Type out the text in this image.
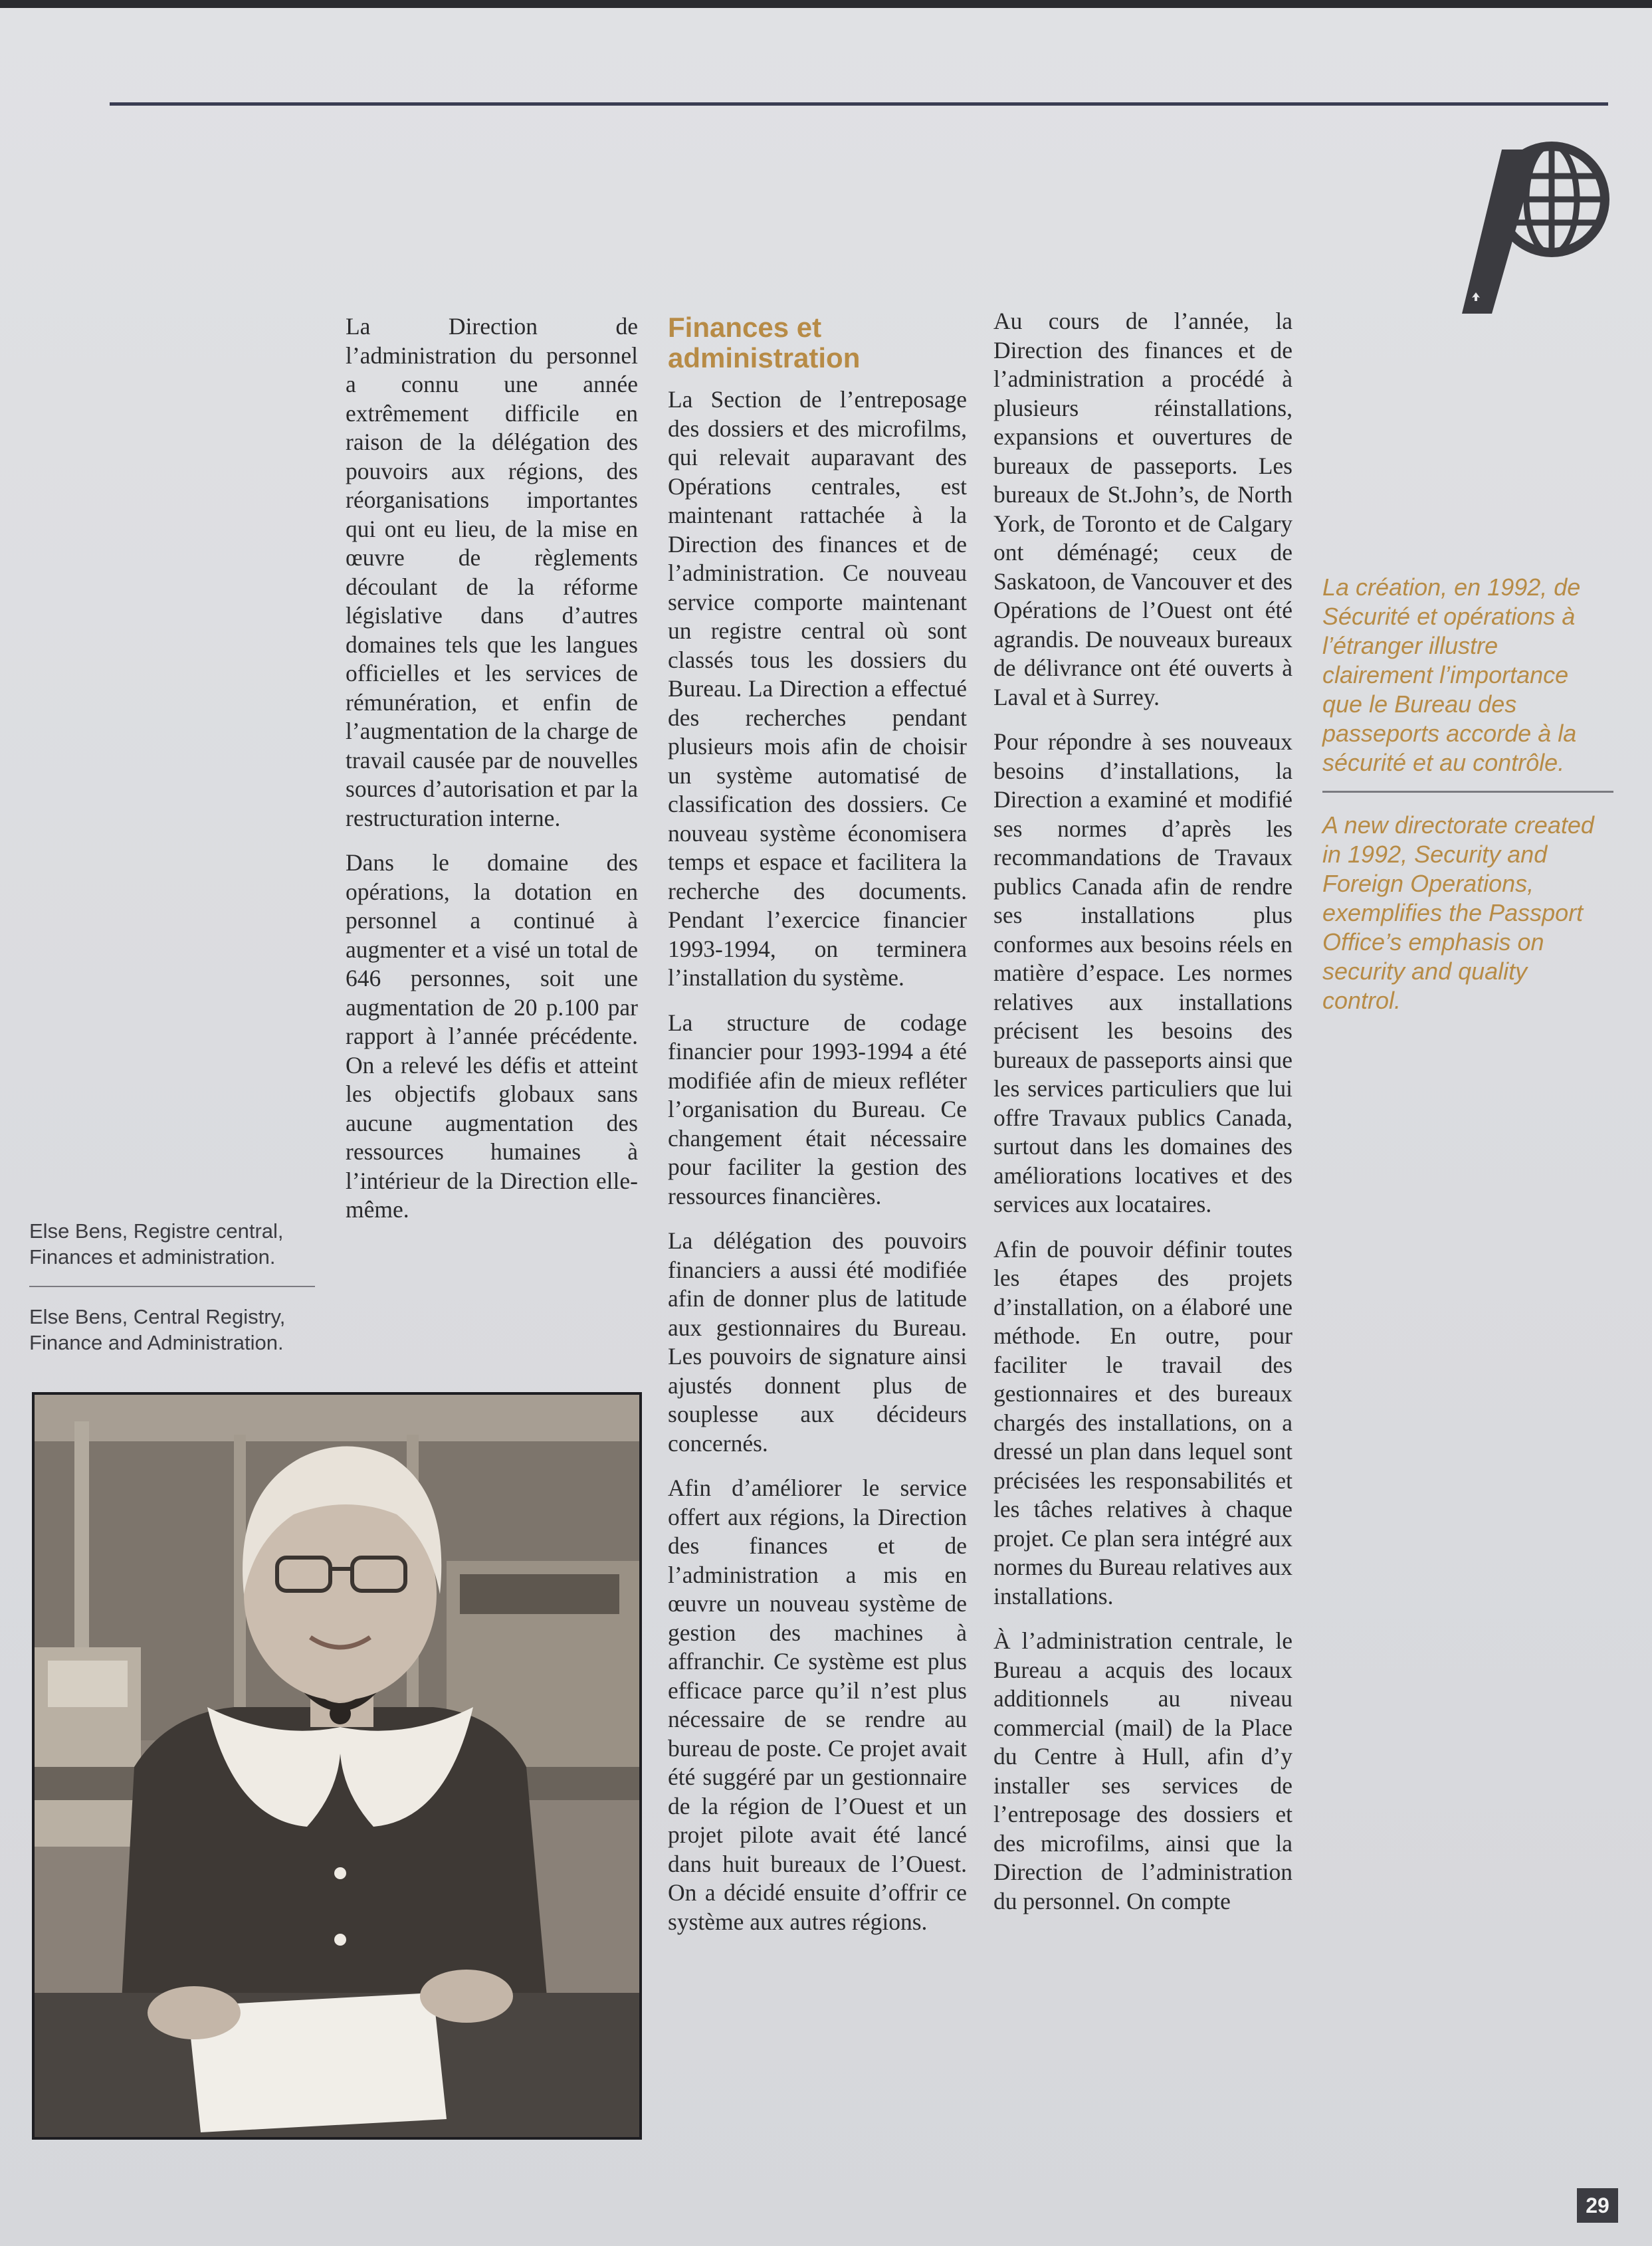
La Direction de l’administration du personnel a connu une année extrêmement difficile en raison de la délégation des pouvoirs aux régions, des réorganisations importantes qui ont eu lieu, de la mise en œuvre de règlements découlant de la réforme législative dans d’autres domaines tels que les langues officielles et les services de rémunération, et enfin de l’augmentation de la charge de travail causée par de nouvelles sources d’autorisation et par la restructuration interne.

Dans le domaine des opérations, la dotation en personnel a continué à augmenter et a visé un total de 646 personnes, soit une augmentation de 20 p.100 par rapport à l’année précédente. On a relevé les défis et atteint les objectifs globaux sans aucune augmentation des ressources humaines à l’intérieur de la Direction elle-même.

Finances et administration

La Section de l’entreposage des dossiers et des microfilms, qui relevait auparavant des Opérations centrales, est maintenant rattachée à la Direction des finances et de l’administration. Ce nouveau service comporte maintenant un registre central où sont classés tous les dossiers du Bureau. La Direction a effectué des recherches pendant plusieurs mois afin de choisir un système automatisé de classification des dossiers. Ce nouveau système économisera temps et espace et facilitera la recherche des documents. Pendant l’exercice financier 1993-1994, on terminera l’installation du système.

La structure de codage financier pour 1993-1994 a été modifiée afin de mieux refléter l’organisation du Bureau. Ce changement était nécessaire pour faciliter la gestion des ressources financières.

La délégation des pouvoirs financiers a aussi été modifiée afin de donner plus de latitude aux gestionnaires du Bureau. Les pouvoirs de signature ainsi ajustés donnent plus de souplesse aux décideurs concernés.

Afin d’améliorer le service offert aux régions, la Direction des finances et de l’administration a mis en œuvre un nouveau système de gestion des machines à affranchir. Ce système est plus efficace parce qu’il n’est plus nécessaire de se rendre au bureau de poste. Ce projet avait été suggéré par un gestionnaire de la région de l’Ouest et un projet pilote avait été lancé dans huit bureaux de l’Ouest. On a décidé ensuite d’offrir ce système aux autres régions.

Au cours de l’année, la Direction des finances et de l’administration a procédé à plusieurs réinstallations, expansions et ouvertures de bureaux de passeports. Les bureaux de St.John’s, de North York, de Toronto et de Calgary ont déménagé; ceux de Saskatoon, de Vancouver et des Opérations de l’Ouest ont été agrandis. De nouveaux bureaux de délivrance ont été ouverts à Laval et à Surrey.

Pour répondre à ses nouveaux besoins d’installations, la Direction a examiné et modifié ses normes d’après les recommandations de Travaux publics Canada afin de rendre ses installations plus conformes aux besoins réels en matière d’espace. Les normes relatives aux installations précisent les besoins des bureaux de passeports ainsi que les services particuliers que lui offre Travaux publics Canada, surtout dans les domaines des améliorations locatives et des services aux locataires.

Afin de pouvoir définir toutes les étapes des projets d’installation, on a élaboré une méthode. En outre, pour faciliter le travail des gestionnaires et des bureaux chargés des installations, on a dressé un plan dans lequel sont précisées les responsabilités et les tâches relatives à chaque projet. Ce plan sera intégré aux normes du Bureau relatives aux installations.

À l’administration centrale, le Bureau a acquis des locaux additionnels au niveau commercial (mail) de la Place du Centre à Hull, afin d’y installer ses services de l’entreposage des dossiers et des microfilms, ainsi que la Direction de l’administration du personnel. On compte

La création, en 1992, de Sécurité et opérations à l’étranger illustre clairement l’importance que le Bureau des passeports accorde à la sécurité et au contrôle.
A new directorate created in 1992, Security and Foreign Operations, exemplifies the Passport Office’s emphasis on security and quality control.
Else Bens, Registre central, Finances et administration.
Else Bens, Central Registry, Finance and Administration.
29
